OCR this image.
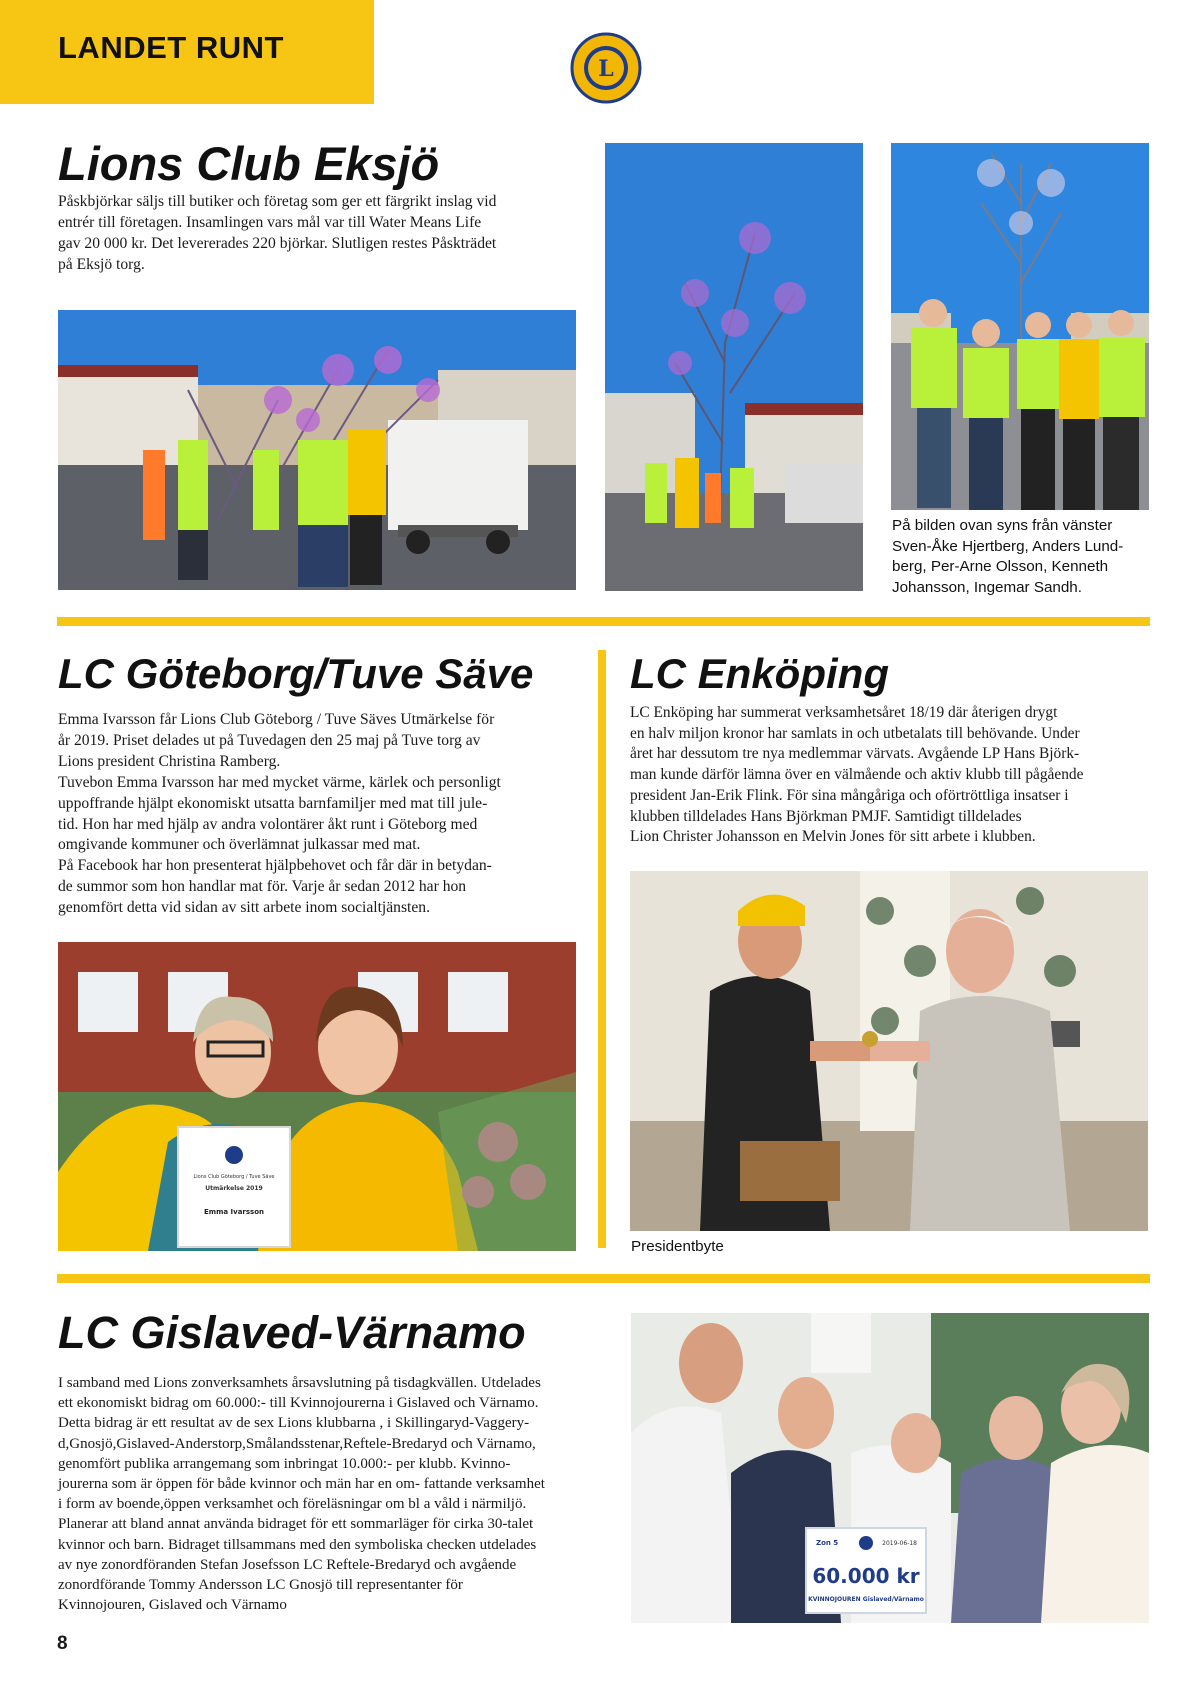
LANDET RUNT
L
Lions Club Eksjö

Påskbjörkar säljs till butiker och företag som ger ett färgrikt inslag vid
entrér till företagen. Insamlingen vars mål var till Water Means Life
gav 20 000 kr. Det levererades 220 björkar. Slutligen restes Påskträdet
på Eksjö torg.

På bilden ovan syns från vänster
Sven-Åke Hjertberg, Anders Lund-
berg, Per-Arne Olsson, Kenneth
Johansson, Ingemar Sandh.

LC Göteborg/Tuve Säve

Emma Ivarsson får Lions Club Göteborg / Tuve Säves Utmärkelse för
år 2019. Priset delades ut på Tuvedagen den 25 maj på Tuve torg av
Lions president Christina Ramberg.
Tuvebon Emma Ivarsson har med mycket värme, kärlek och personligt
uppoffrande hjälpt ekonomiskt utsatta barnfamiljer med mat till jule-
tid. Hon har med hjälp av andra volontärer åkt runt i Göteborg med
omgivande kommuner och överlämnat julkassar med mat.
På Facebook har hon presenterat hjälpbehovet och får där in betydan-
de summor som hon handlar mat för. Varje år sedan 2012 har hon
genomfört detta vid sidan av sitt arbete inom socialtjänsten.

Lions Club Göteborg / Tuve Säve
Utmärkelse 2019
Emma Ivarsson
LC Enköping

LC Enköping har summerat verksamhetsåret 18/19 där återigen drygt
en halv miljon kronor har samlats in och utbetalats till behövande. Under
året har dessutom tre nya medlemmar värvats. Avgående LP Hans Björk-
man kunde därför lämna över en välmående och aktiv klubb till pågående
president Jan-Erik Flink. För sina mångåriga och oförtröttliga insatser i
klubben tilldelades Hans Björkman PMJF. Samtidigt tilldelades
Lion Christer Johansson en Melvin Jones för sitt arbete i klubben.

Presidentbyte

LC Gislaved-Värnamo

I samband med Lions zonverksamhets årsavslutning på tisdagkvällen. Utdelades
ett ekonomiskt bidrag om 60.000:- till Kvinnojourerna i Gislaved och Värnamo.
Detta bidrag är ett resultat av de sex Lions klubbarna , i Skillingaryd-Vaggery-
d,Gnosjö,Gislaved-Anderstorp,Smålandsstenar,Reftele-Bredaryd och Värnamo,
genomfört publika arrangemang som inbringat 10.000:- per klubb. Kvinno-
jourerna som är öppen för både kvinnor och män har en om- fattande verksamhet
i form av boende,öppen verksamhet och föreläsningar om bl a våld i närmiljö.
Planerar att bland annat använda bidraget för ett sommarläger för cirka 30-talet
kvinnor och barn. Bidraget tillsammans med den symboliska checken utdelades
av nye zonordföranden Stefan Josefsson LC Reftele-Bredaryd och avgående
zonordförande Tommy Andersson LC Gnosjö till representanter för
Kvinnojouren, Gislaved och Värnamo

Zon 5	2019-06-18
60.000 kr
KVINNOJOUREN Gislaved/Värnamo
8
